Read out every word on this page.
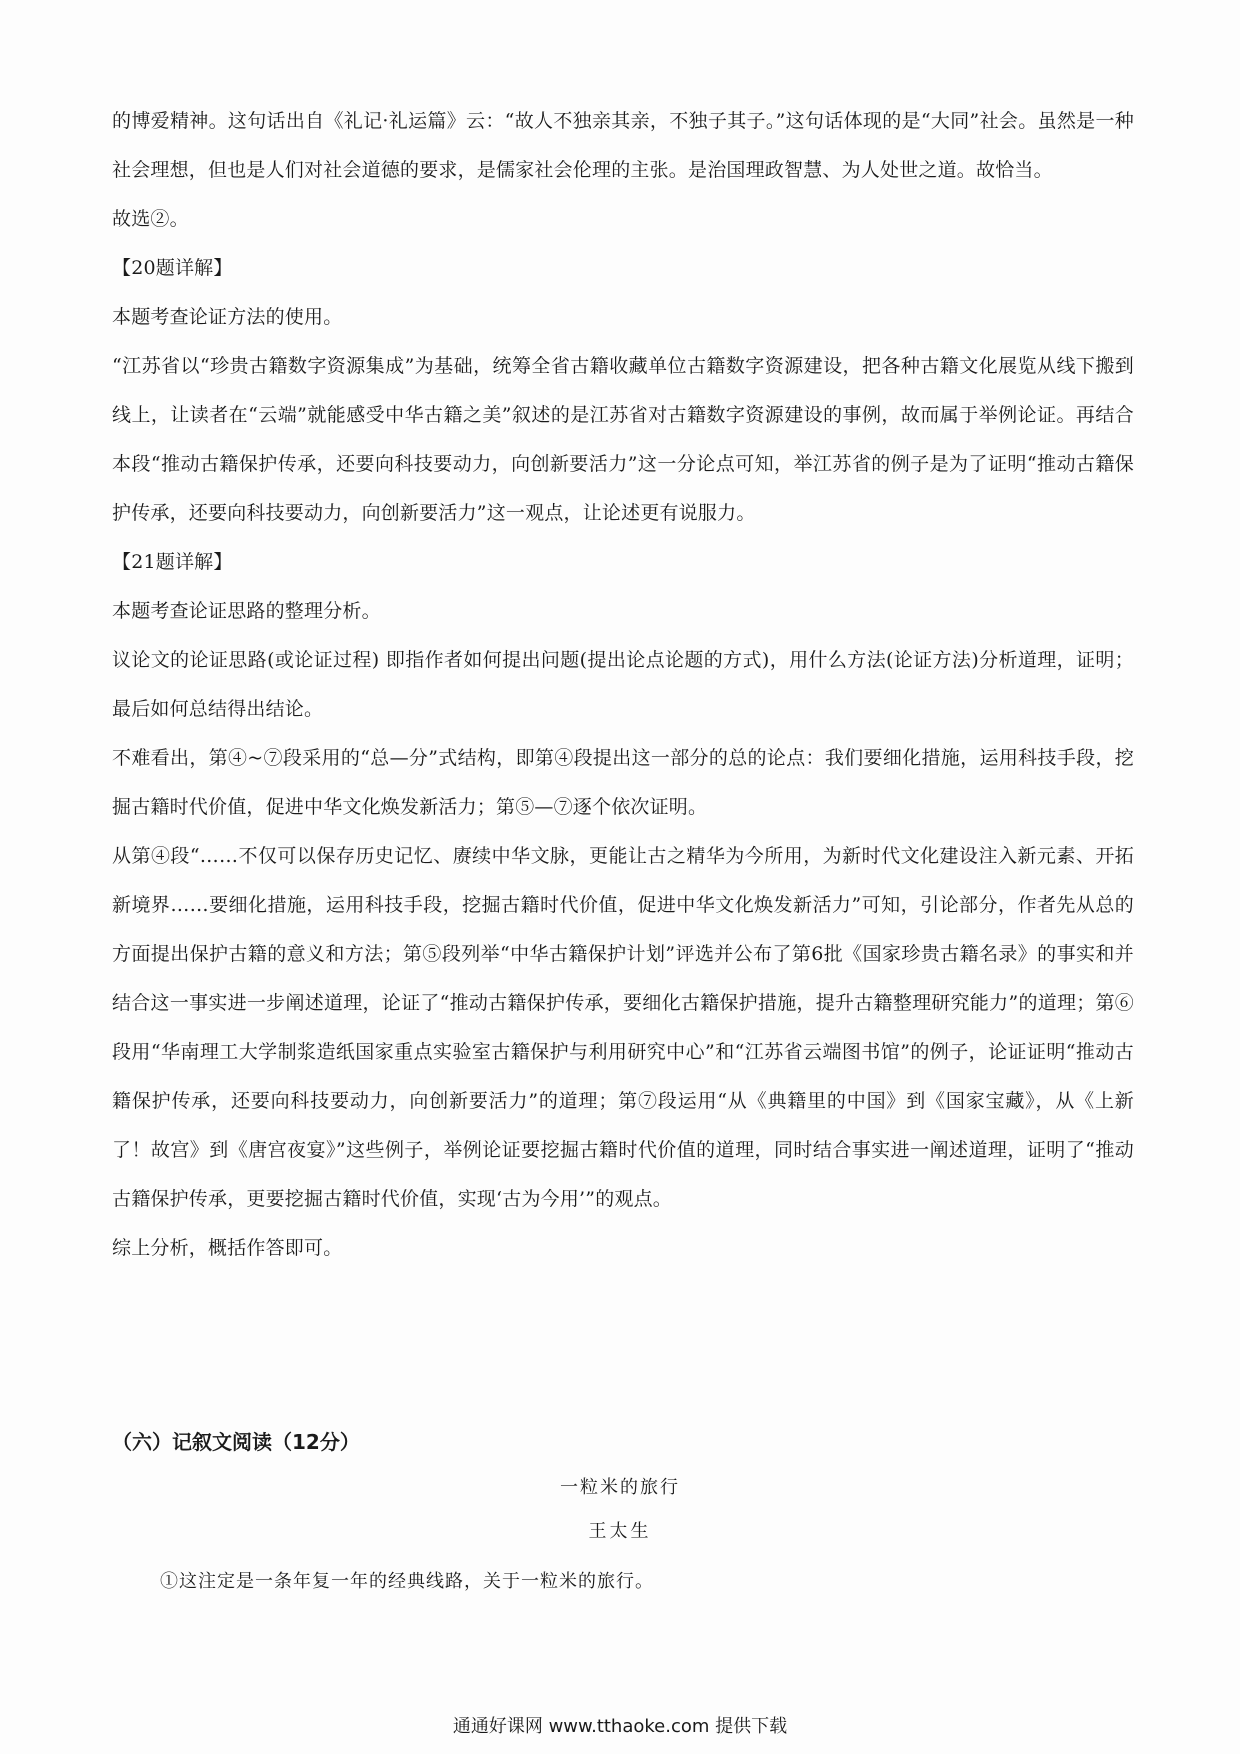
的博爱精神。这句话出自《礼记·礼运篇》云：“故人不独亲其亲，不独子其子。”这句话体现的是“大同”社会。虽然是一种社会理想，但也是人们对社会道德的要求，是儒家社会伦理的主张。是治国理政智慧、为人处世之道。故恰当。

故选②。

【20题详解】

本题考查论证方法的使用。

“江苏省以“珍贵古籍数字资源集成”为基础，统筹全省古籍收藏单位古籍数字资源建设，把各种古籍文化展览从线下搬到线上，让读者在“云端”就能感受中华古籍之美”叙述的是江苏省对古籍数字资源建设的事例，故而属于举例论证。再结合本段“推动古籍保护传承，还要向科技要动力，向创新要活力”这一分论点可知，举江苏省的例子是为了证明“推动古籍保护传承，还要向科技要动力，向创新要活力”这一观点，让论述更有说服力。

【21题详解】

本题考查论证思路的整理分析。

议论文的论证思路(或论证过程) 即指作者如何提出问题(提出论点论题的方式)，用什么方法(论证方法)分析道理，证明；最后如何总结得出结论。

不难看出，第④~⑦段采用的“总—分”式结构，即第④段提出这一部分的总的论点：我们要细化措施，运用科技手段，挖掘古籍时代价值，促进中华文化焕发新活力；第⑤—⑦逐个依次证明。

从第④段“……不仅可以保存历史记忆、赓续中华文脉，更能让古之精华为今所用，为新时代文化建设注入新元素、开拓新境界……要细化措施，运用科技手段，挖掘古籍时代价值，促进中华文化焕发新活力”可知，引论部分，作者先从总的方面提出保护古籍的意义和方法；第⑤段列举“中华古籍保护计划”评选并公布了第6批《国家珍贵古籍名录》的事实和并结合这一事实进一步阐述道理，论证了“推动古籍保护传承，要细化古籍保护措施，提升古籍整理研究能力”的道理；第⑥段用“华南理工大学制浆造纸国家重点实验室古籍保护与利用研究中心”和“江苏省云端图书馆”的例子，论证证明“推动古籍保护传承，还要向科技要动力，向创新要活力”的道理；第⑦段运用“从《典籍里的中国》到《国家宝藏》，从《上新了！故宫》到《唐宫夜宴》”这些例子，举例论证要挖掘古籍时代价值的道理，同时结合事实进一阐述道理，证明了“推动古籍保护传承，更要挖掘古籍时代价值，实现‘古为今用’”的观点。

综上分析，概括作答即可。

（六）记叙文阅读（12分）

一粒米的旅行

王太生

①这注定是一条年复一年的经典线路，关于一粒米的旅行。

通通好课网 www.tthaoke.com 提供下载
